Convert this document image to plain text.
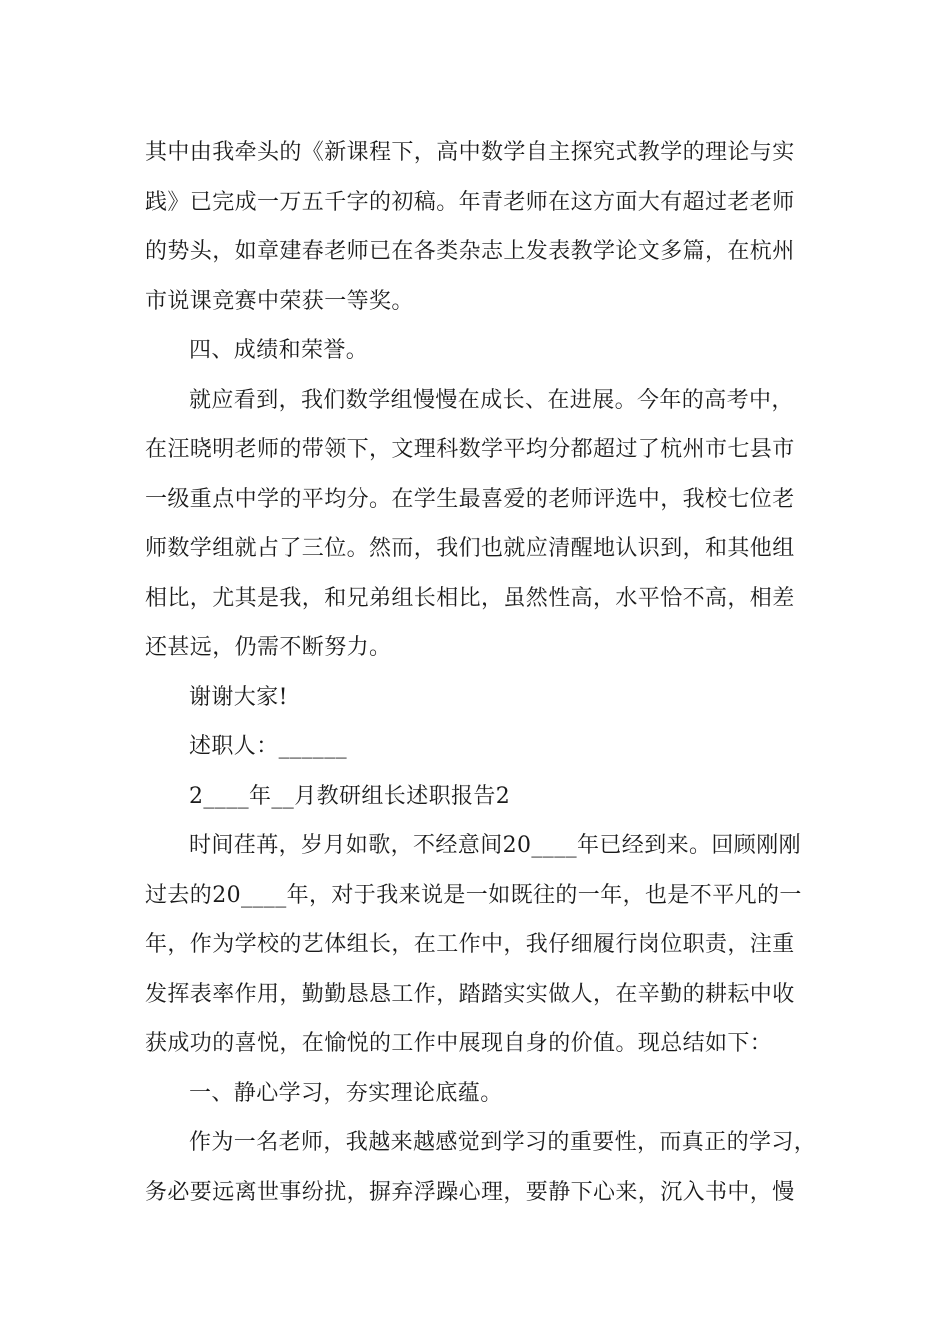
其中由我牵头的《新课程下，高中数学自主探究式教学的理论与实
践》已完成一万五千字的初稿。年青老师在这方面大有超过老老师
的势头，如章建春老师已在各类杂志上发表教学论文多篇，在杭州
市说课竞赛中荣获一等奖。
四、成绩和荣誉。
就应看到，我们数学组慢慢在成长、在进展。今年的高考中，
在汪晓明老师的带领下，文理科数学平均分都超过了杭州市七县市
一级重点中学的平均分。在学生最喜爱的老师评选中，我校七位老
师数学组就占了三位。然而，我们也就应清醒地认识到，和其他组
相比，尤其是我，和兄弟组长相比，虽然性高，水平恰不高，相差
还甚远，仍需不断努力。
谢谢大家!
述职人：______
2____年__月教研组长述职报告2
时间荏苒，岁月如歌，不经意间20____年已经到来。回顾刚刚
过去的20____年，对于我来说是一如既往的一年，也是不平凡的一
年，作为学校的艺体组长，在工作中，我仔细履行岗位职责，注重
发挥表率作用，勤勤恳恳工作，踏踏实实做人，在辛勤的耕耘中收
获成功的喜悦，在愉悦的工作中展现自身的价值。现总结如下：
一、静心学习，夯实理论底蕴。
作为一名老师，我越来越感觉到学习的重要性，而真正的学习，
务必要远离世事纷扰，摒弃浮躁心理，要静下心来，沉入书中，慢
